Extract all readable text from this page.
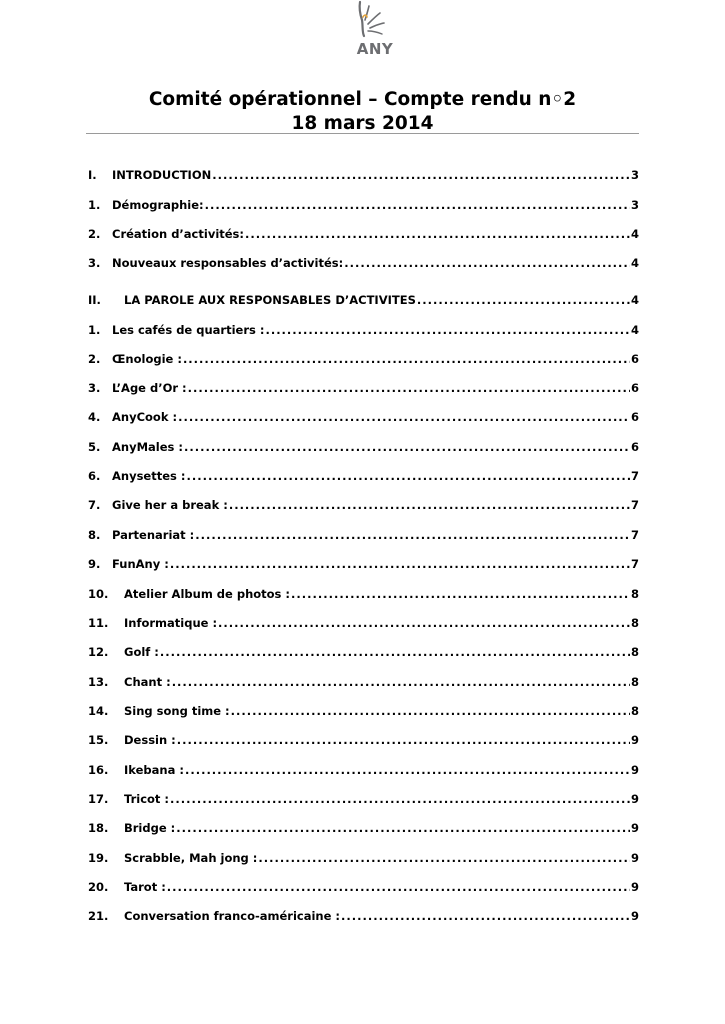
ANY
Comité opérationnel – Compte rendu n◦2
18 mars 2014
I.	INTRODUCTION .....	3
1.	Démographie: .....	3
2.	Création d’activités: .....	4
3.	Nouveaux responsables d’activités: .....	4
II.	LA PAROLE AUX RESPONSABLES D’ACTIVITES .....	4
1.	Les cafés de quartiers : .....	4
2.	Œnologie : .....	6
3.	L’Age d’Or : .....	6
4.	AnyCook : .....	6
5.	AnyMales : .....	6
6.	Anysettes : .....	7
7.	Give her a break : .....	7
8.	Partenariat : .....	7
9.	FunAny : .....	7
10.	Atelier Album de photos : .....	8
11.	Informatique : .....	8
12.	Golf : .....	8
13.	Chant : .....	8
14.	Sing song time : .....	8
15.	Dessin : .....	9
16.	Ikebana : .....	9
17.	Tricot : .....	9
18.	Bridge : .....	9
19.	Scrabble, Mah jong : .....	9
20.	Tarot : .....	9
21.	Conversation franco-américaine : .....	9
